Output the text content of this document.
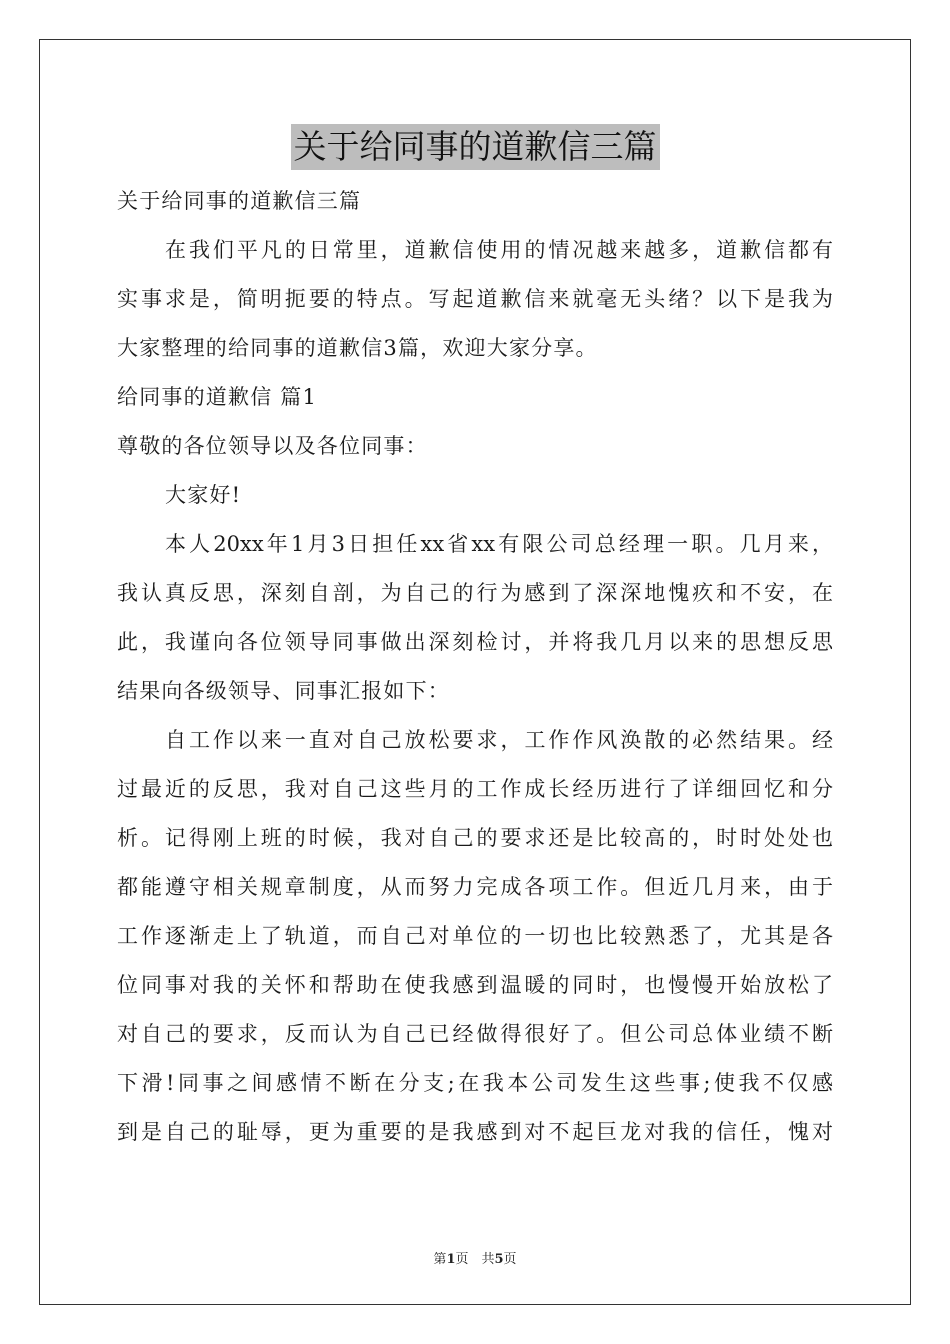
关于给同事的道歉信三篇
关于给同事的道歉信三篇
在我们平凡的日常里，道歉信使用的情况越来越多，道歉信都有
实事求是，简明扼要的特点。写起道歉信来就毫无头绪？以下是我为
大家整理的给同事的道歉信3篇，欢迎大家分享。
给同事的道歉信 篇1
尊敬的各位领导以及各位同事：
大家好!
本人20xx年1月3日担任xx省xx有限公司总经理一职。几月来，
我认真反思，深刻自剖，为自己的行为感到了深深地愧疚和不安，在
此，我谨向各位领导同事做出深刻检讨，并将我几月以来的思想反思
结果向各级领导、同事汇报如下：
自工作以来一直对自己放松要求，工作作风涣散的必然结果。经
过最近的反思，我对自己这些月的工作成长经历进行了详细回忆和分
析。记得刚上班的时候，我对自己的要求还是比较高的，时时处处也
都能遵守相关规章制度，从而努力完成各项工作。但近几月来，由于
工作逐渐走上了轨道，而自己对单位的一切也比较熟悉了，尤其是各
位同事对我的关怀和帮助在使我感到温暖的同时，也慢慢开始放松了
对自己的要求，反而认为自己已经做得很好了。但公司总体业绩不断
下滑!同事之间感情不断在分支;在我本公司发生这些事;使我不仅感
到是自己的耻辱，更为重要的是我感到对不起巨龙对我的信任，愧对
第1页　共5页
